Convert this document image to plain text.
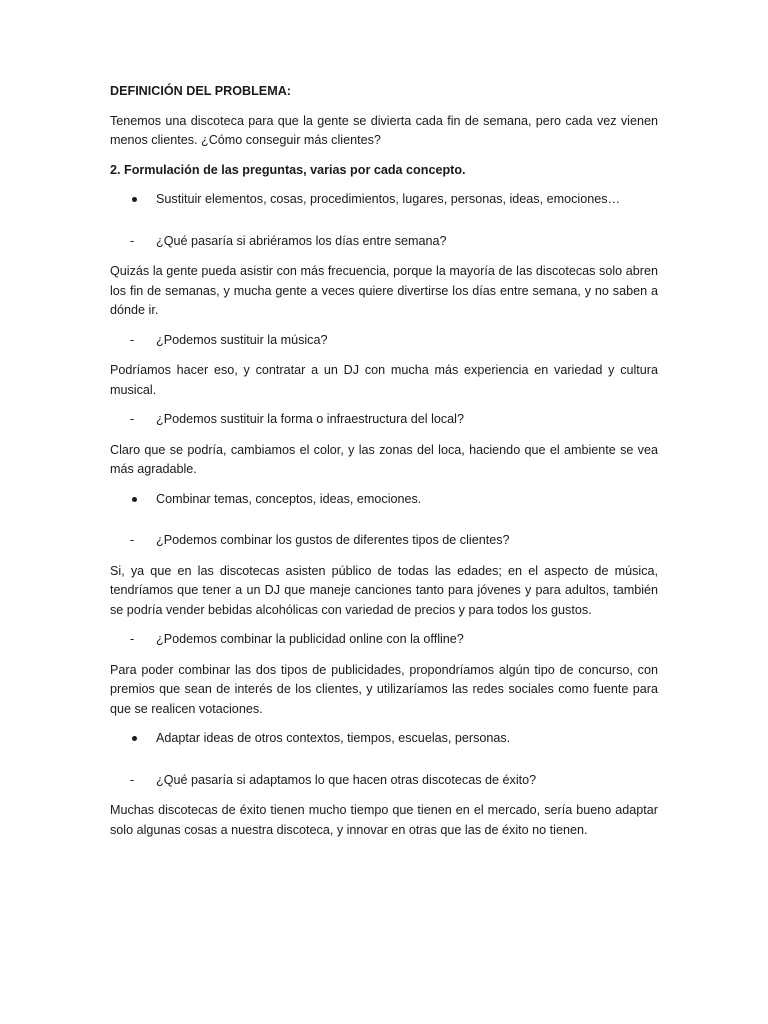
DEFINICIÓN DEL PROBLEMA:

Tenemos una discoteca para que la gente se divierta cada fin de semana, pero cada vez vienen menos clientes. ¿Cómo conseguir más clientes?

2. Formulación de las preguntas, varias por cada concepto.

Sustituir elementos, cosas, procedimientos, lugares, personas, ideas, emociones…
-	¿Qué pasaría si abriéramos los días entre semana?

Quizás la gente pueda asistir con más frecuencia, porque la mayoría de las discotecas solo abren los fin de semanas, y mucha gente a veces quiere divertirse los días entre semana, y no saben a dónde ir.

-	¿Podemos sustituir la música?

Podríamos hacer eso, y contratar a un DJ con mucha más experiencia en variedad y cultura musical.

-	¿Podemos sustituir la forma o infraestructura del local?

Claro que se podría, cambiamos el color, y las zonas del loca, haciendo que el ambiente se vea más agradable.

Combinar temas, conceptos, ideas, emociones.
-	¿Podemos combinar los gustos de diferentes tipos de clientes?

Si, ya que en las discotecas asisten público de todas las edades; en el aspecto de música, tendríamos que tener a un DJ que maneje canciones tanto para jóvenes y para adultos, también se podría vender bebidas alcohólicas con variedad de precios y para todos los gustos.

-	¿Podemos combinar la publicidad online con la offline?

Para poder combinar las dos tipos de publicidades, propondríamos algún tipo de concurso, con premios que sean de interés de los clientes, y utilizaríamos las redes sociales como fuente para que se realicen votaciones.

Adaptar ideas de otros contextos, tiempos, escuelas, personas.
-	¿Qué pasaría si adaptamos lo que hacen otras discotecas de éxito?

Muchas discotecas de éxito tienen mucho tiempo que tienen en el mercado, sería bueno adaptar solo algunas cosas a nuestra discoteca, y innovar en otras que las de éxito no tienen.
